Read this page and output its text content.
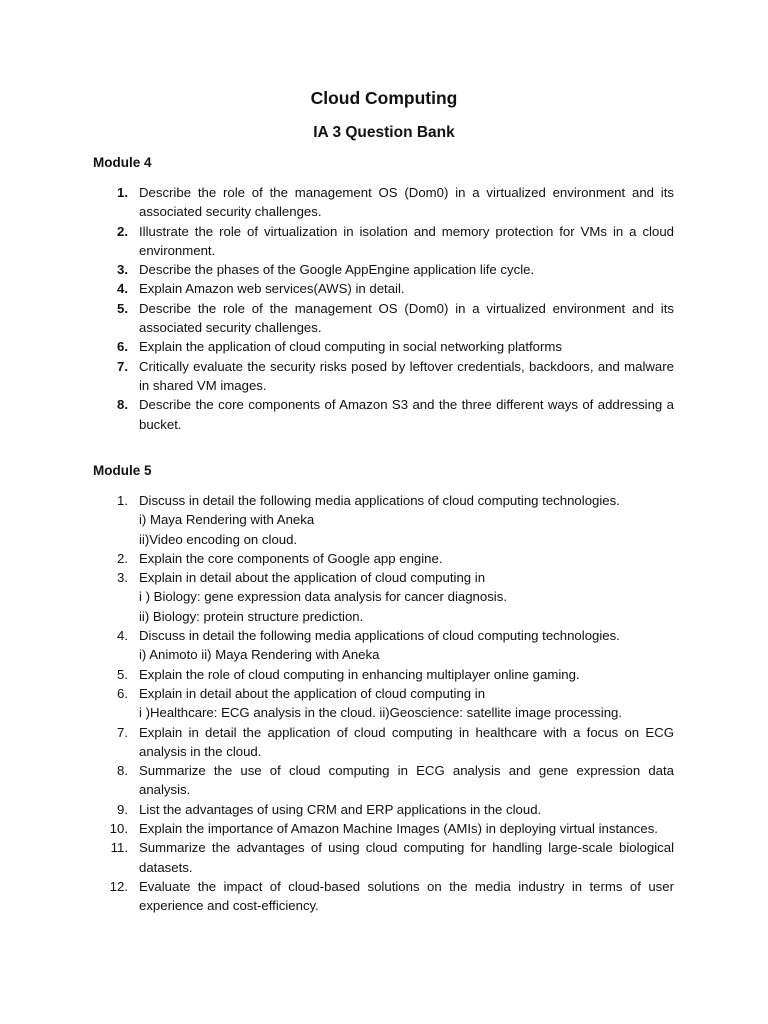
Cloud Computing
IA 3 Question Bank
Module 4
1. Describe the role of the management OS (Dom0) in a virtualized environment and its associated security challenges.
2. Illustrate the role of virtualization in isolation and memory protection for VMs in a cloud environment.
3. Describe the phases of the Google AppEngine application life cycle.
4. Explain Amazon web services(AWS) in detail.
5. Describe the role of the management OS (Dom0) in a virtualized environment and its associated security challenges.
6. Explain the application of cloud computing in social networking platforms
7. Critically evaluate the security risks posed by leftover credentials, backdoors, and malware in shared VM images.
8. Describe the core components of Amazon S3 and the three different ways of addressing a bucket.
Module 5
1. Discuss in detail the following media applications of cloud computing technologies.
i) Maya Rendering with Aneka
ii)Video encoding on cloud.
2. Explain the core components of Google app engine.
3. Explain in detail about the application of cloud computing in
i ) Biology: gene expression data analysis for cancer diagnosis.
ii) Biology: protein structure prediction.
4. Discuss in detail the following media applications of cloud computing technologies.
i) Animoto ii) Maya Rendering with Aneka
5. Explain the role of cloud computing in enhancing multiplayer online gaming.
6. Explain in detail about the application of cloud computing in
i )Healthcare: ECG analysis in the cloud. ii)Geoscience: satellite image processing.
7. Explain in detail the application of cloud computing in healthcare with a focus on ECG analysis in the cloud.
8. Summarize the use of cloud computing in ECG analysis and gene expression data analysis.
9. List the advantages of using CRM and ERP applications in the cloud.
10. Explain the importance of Amazon Machine Images (AMIs) in deploying virtual instances.
11. Summarize the advantages of using cloud computing for handling large-scale biological datasets.
12. Evaluate the impact of cloud-based solutions on the media industry in terms of user experience and cost-efficiency.
